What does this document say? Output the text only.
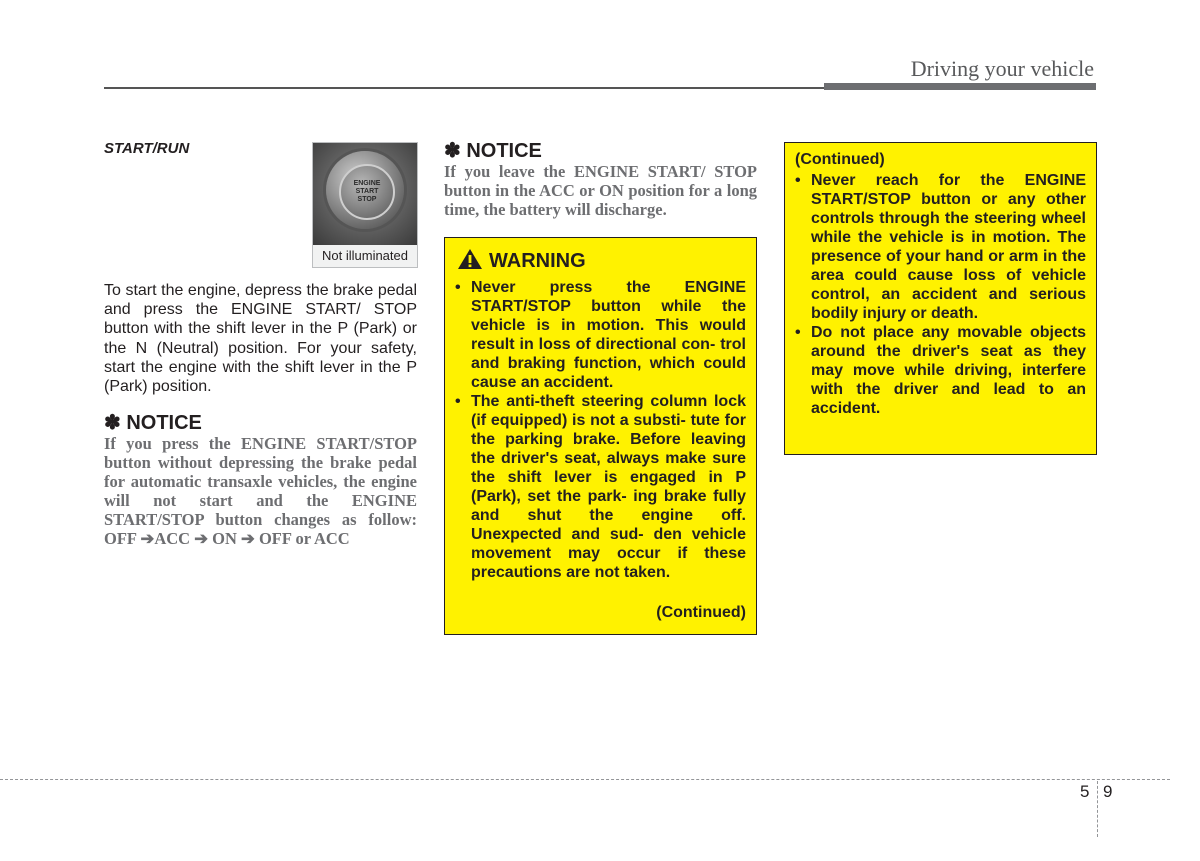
Driving your vehicle

START/RUN

ENGINE START STOP
Not illuminated
To start the engine, depress the brake pedal and press the ENGINE START/ STOP button with the shift lever in the P (Park) or the N (Neutral) position. For your safety, start the engine with the shift lever in the P (Park) position.

✽ NOTICE

If you press the ENGINE START/STOP button without depressing the brake pedal for automatic transaxle vehicles, the engine will not start and the ENGINE START/STOP button changes as follow: OFF ➔ACC ➔ ON ➔ OFF or ACC

✽ NOTICE

If you leave the ENGINE START/ STOP button in the ACC or ON position for a long time, the battery will discharge.

WARNING
• Never press the ENGINE START/STOP button while the vehicle is in motion. This would result in loss of directional con- trol and braking function, which could cause an accident.
• The anti-theft steering column lock (if equipped) is not a substi- tute for the parking brake. Before leaving the driver's seat, always make sure the shift lever is engaged in P (Park), set the park- ing brake fully and shut the engine off. Unexpected and sud- den vehicle movement may occur if these precautions are not taken.
(Continued)
(Continued)
• Never reach for the ENGINE START/STOP button or any other controls through the steering wheel while the vehicle is in motion. The presence of your hand or arm in the area could cause loss of vehicle control, an accident and serious bodily injury or death.
• Do not place any movable objects around the driver's seat as they may move while driving, interfere with the driver and lead to an accident.
5 9
